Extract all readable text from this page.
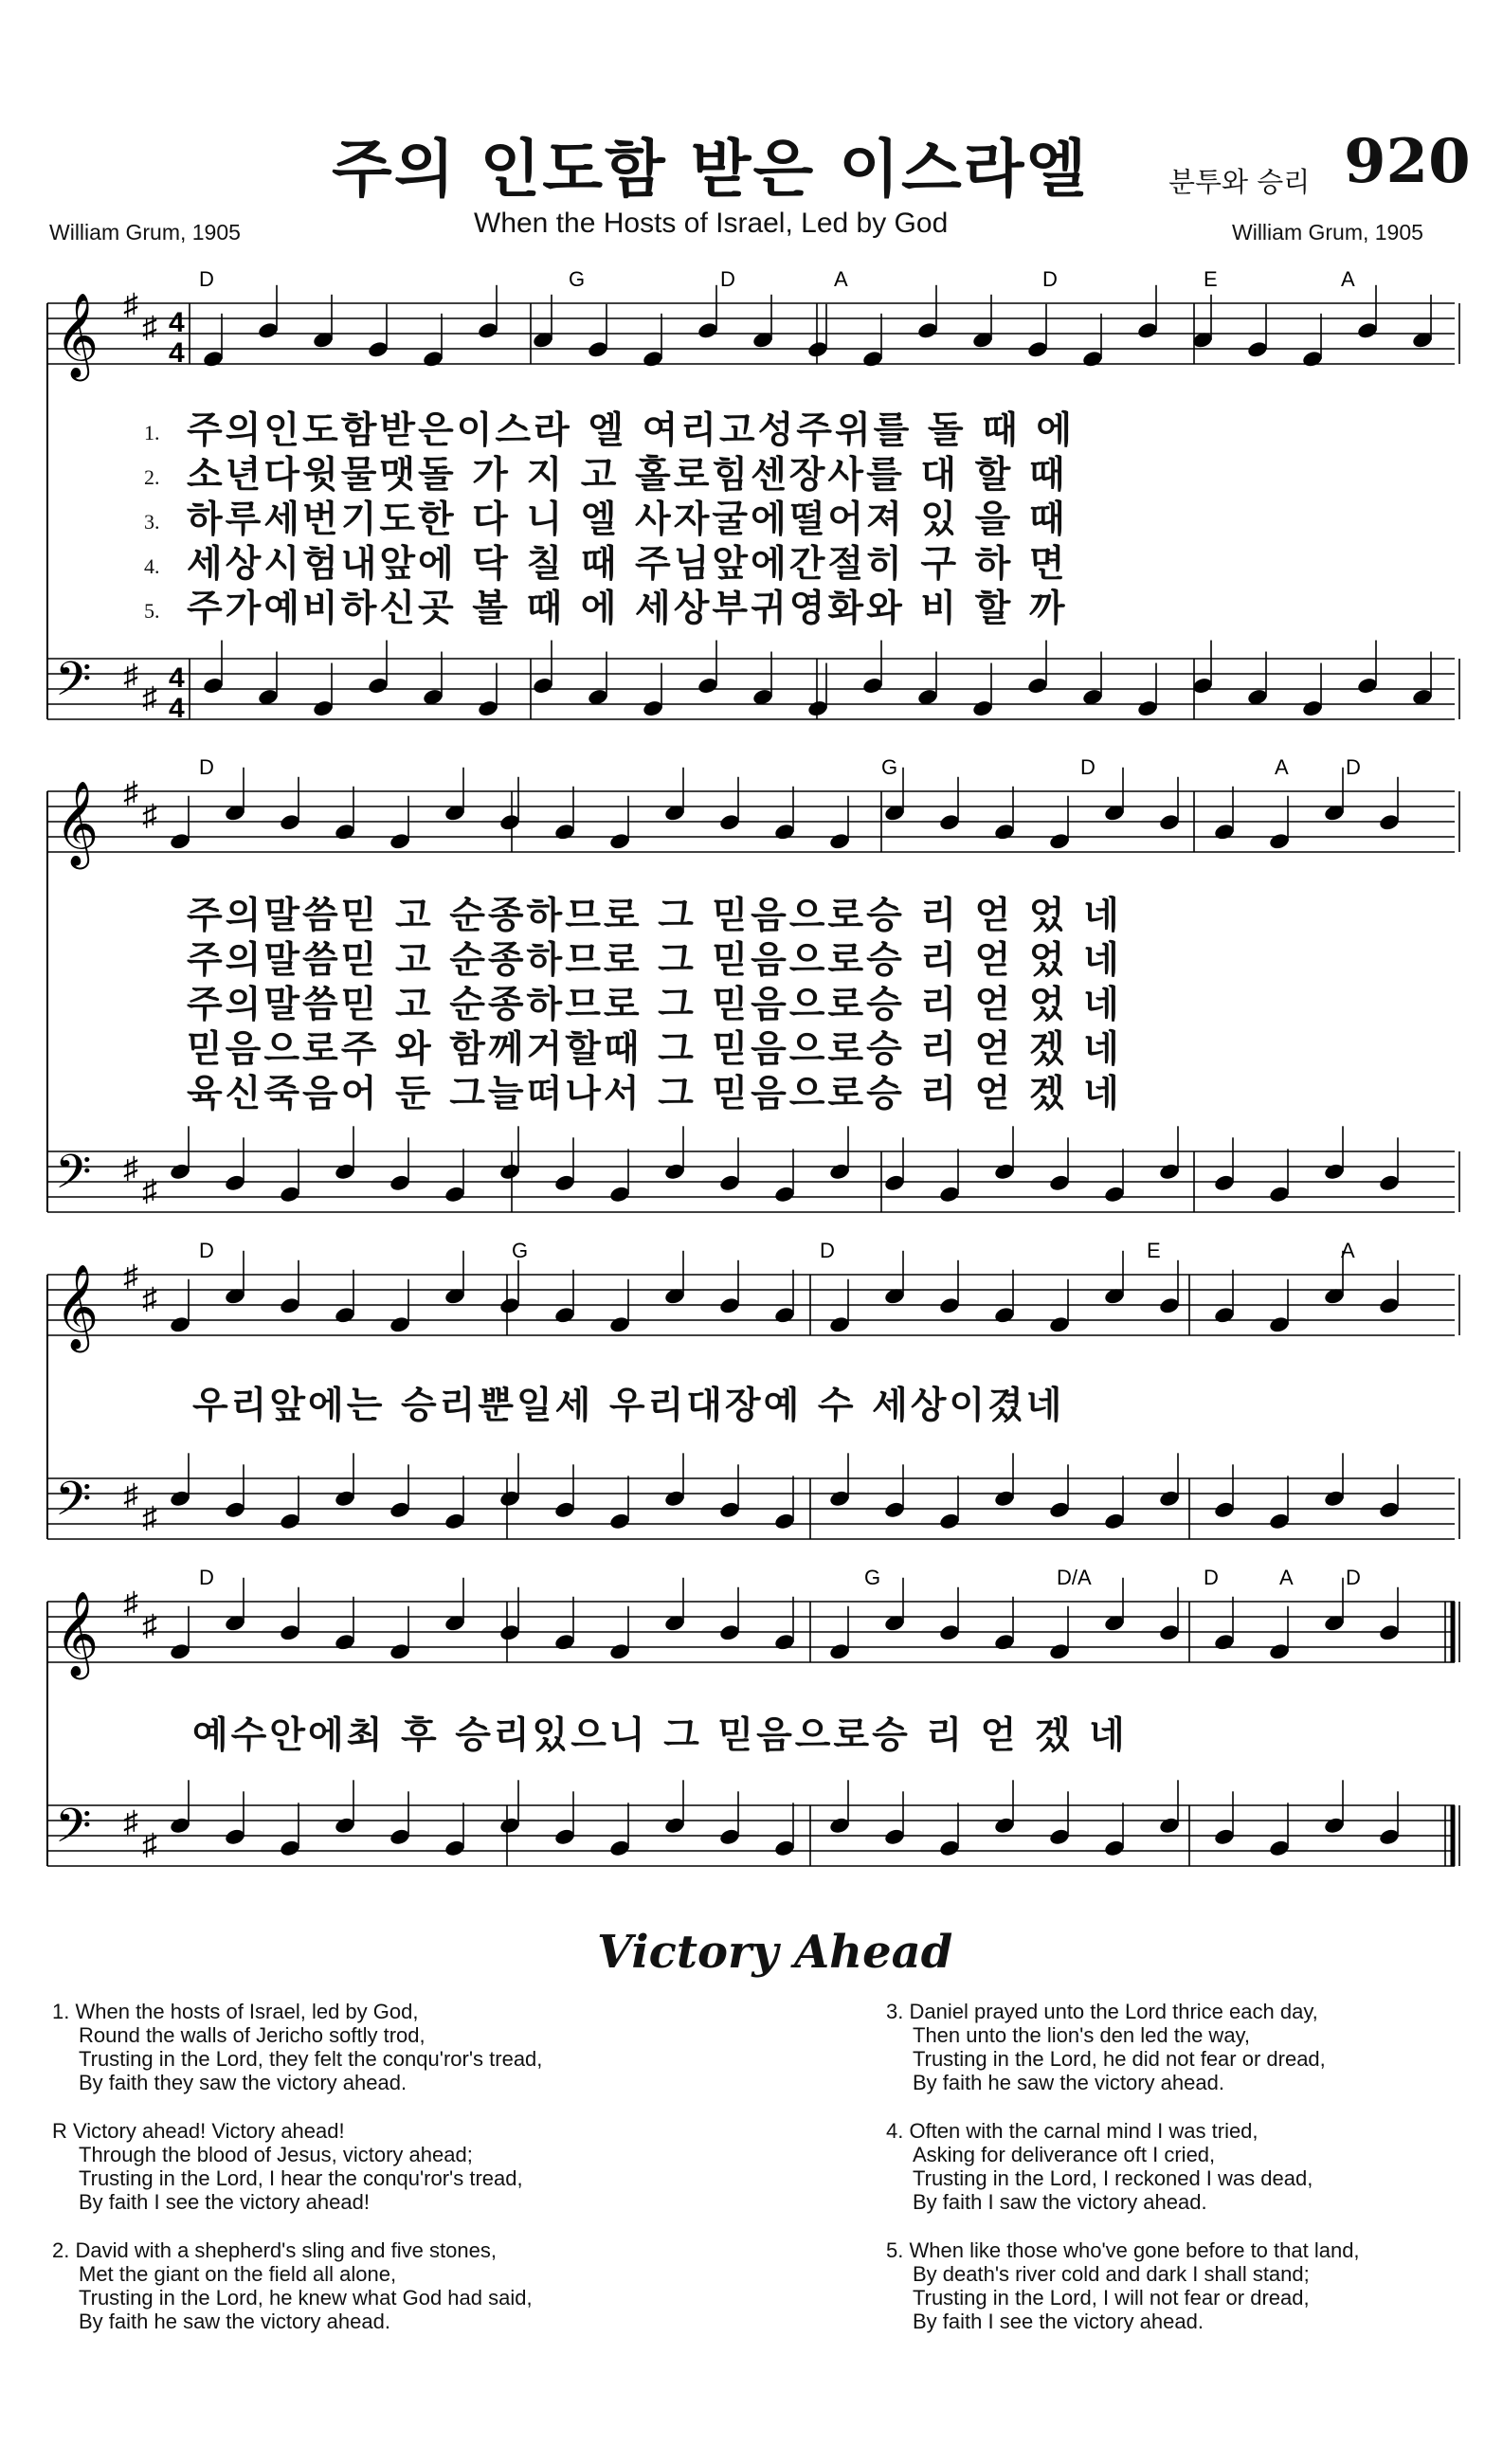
주의 인도함 받은 이스라엘	분투와 승리 920
When the Hosts of Israel, Led by God
William Grum, 1905	William Grum, 1905
𝄞
𝄢
♯
♯
♯
♯
4
4
4
4
D	G	D	A	D	E	A
𝄞
𝄢
♯
♯
♯
♯
D	G	D	A	D
𝄞
𝄢
♯
♯
♯
♯
D	G	D	E	A
𝄞
𝄢
♯
♯
♯
♯
D	G	D/A	D	A	D
1. 주의인도함받은이스라 엘 여리고성주위를 돌 때 에
2. 소년다윗물맷돌 가 지 고 홀로힘센장사를 대 할 때
3. 하루세번기도한 다 니 엘 사자굴에떨어져 있 을 때
4. 세상시험내앞에 닥 칠 때 주님앞에간절히 구 하 면
5. 주가예비하신곳 볼 때 에 세상부귀영화와 비 할 까
주의말씀믿 고 순종하므로 그 믿음으로승 리 얻 었 네
주의말씀믿 고 순종하므로 그 믿음으로승 리 얻 었 네
주의말씀믿 고 순종하므로 그 믿음으로승 리 얻 었 네
믿음으로주 와 함께거할때 그 믿음으로승 리 얻 겠 네
육신죽음어 둔 그늘떠나서 그 믿음으로승 리 얻 겠 네
우리앞에는 승리뿐일세 우리대장예 수 세상이겼네
예수안에최 후 승리있으니 그 믿음으로승 리 얻 겠 네
Victory Ahead
1. When the hosts of Israel, led by God,
Round the walls of Jericho softly trod,
Trusting in the Lord, they felt the conqu'ror's tread,
By faith they saw the victory ahead.
R Victory ahead! Victory ahead!
Through the blood of Jesus, victory ahead;
Trusting in the Lord, I hear the conqu'ror's tread,
By faith I see the victory ahead!
2. David with a shepherd's sling and five stones,
Met the giant on the field all alone,
Trusting in the Lord, he knew what God had said,
By faith he saw the victory ahead.
3. Daniel prayed unto the Lord thrice each day,
Then unto the lion's den led the way,
Trusting in the Lord, he did not fear or dread,
By faith he saw the victory ahead.
4. Often with the carnal mind I was tried,
Asking for deliverance oft I cried,
Trusting in the Lord, I reckoned I was dead,
By faith I saw the victory ahead.
5. When like those who've gone before to that land,
By death's river cold and dark I shall stand;
Trusting in the Lord, I will not fear or dread,
By faith I see the victory ahead.
